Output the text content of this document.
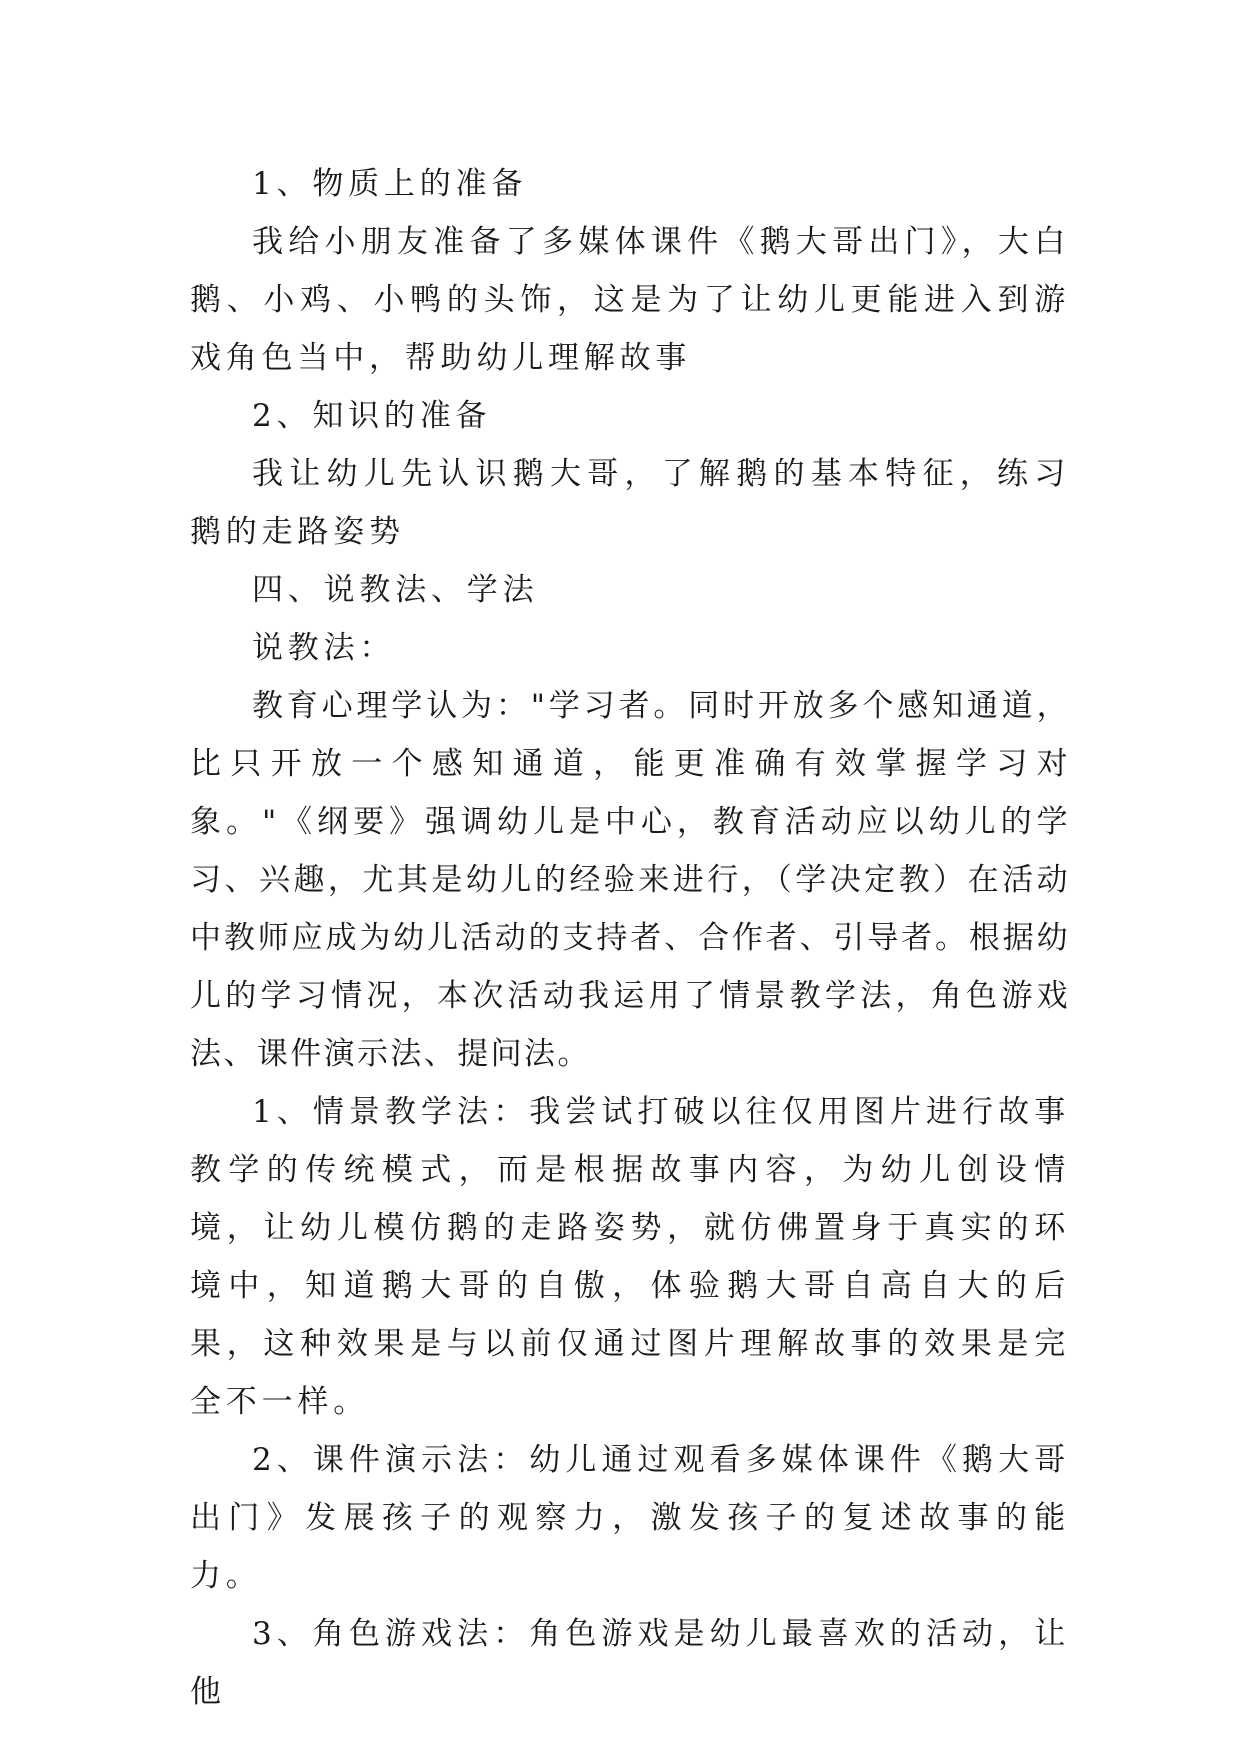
1、物质上的准备

我给小朋友准备了多媒体课件《鹅大哥出门》，大白鹅、小鸡、小鸭的头饰，这是为了让幼儿更能进入到游戏角色当中，帮助幼儿理解故事

2、知识的准备

我让幼儿先认识鹅大哥，了解鹅的基本特征，练习鹅的走路姿势

四、说教法、学法

说教法：

教育心理学认为："学习者。同时开放多个感知通道，比只开放一个感知通道，能更准确有效掌握学习对象。"《纲要》强调幼儿是中心，教育活动应以幼儿的学习、兴趣，尤其是幼儿的经验来进行，（学决定教）在活动中教师应成为幼儿活动的支持者、合作者、引导者。根据幼儿的学习情况，本次活动我运用了情景教学法，角色游戏法、课件演示法、提问法。

1、情景教学法：我尝试打破以往仅用图片进行故事教学的传统模式，而是根据故事内容，为幼儿创设情境，让幼儿模仿鹅的走路姿势，就仿佛置身于真实的环境中，知道鹅大哥的自傲，体验鹅大哥自高自大的后果，这种效果是与以前仅通过图片理解故事的效果是完全不一样。

2、课件演示法：幼儿通过观看多媒体课件《鹅大哥出门》发展孩子的观察力，激发孩子的复述故事的能力。

3、角色游戏法：角色游戏是幼儿最喜欢的活动，让他
